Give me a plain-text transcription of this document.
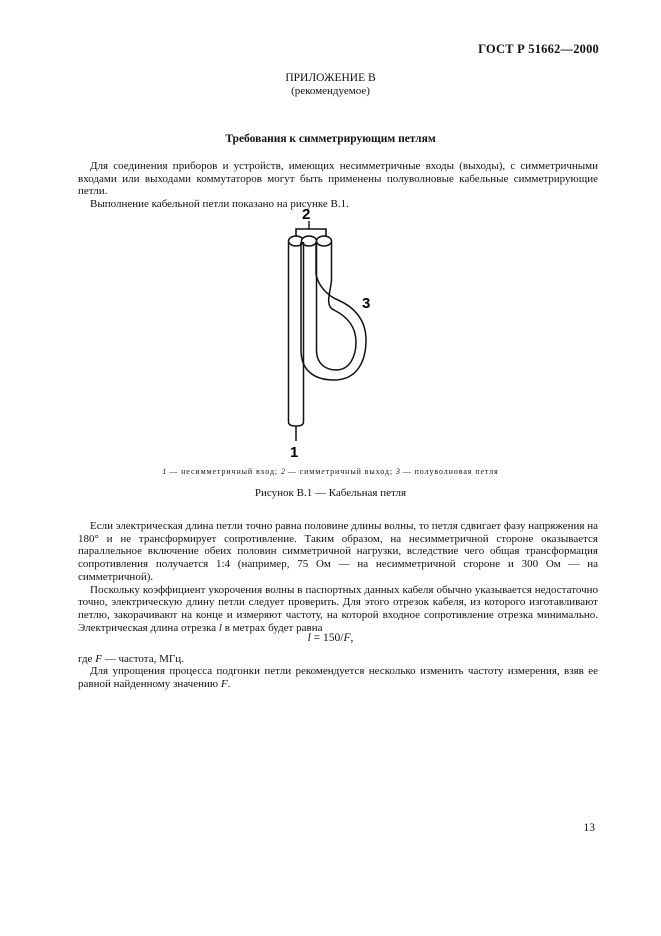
ГОСТ Р 51662—2000
ПРИЛОЖЕНИЕ В
(рекомендуемое)
Требования к симметрирующим петлям

Для соединения приборов и устройств, имеющих несимметричные входы (выходы), с симметричными входами или выходами коммутаторов могут быть применены полуволновые кабельные симметрирующие петли.

Выполнение кабельной петли показано на рисунке В.1.

2
3
1
1 — несимметричный вход; 2 — симметричный выход; 3 — полуволновая петля
Рисунок В.1 — Кабельная петля

Если электрическая длина петли точно равна половине длины волны, то петля сдвигает фазу напряжения на 180° и не трансформирует сопротивление. Таким образом, на несимметричной стороне оказывается параллельное включение обеих половин симметричной нагрузки, вследствие чего общая трансформация сопротивления получается 1:4 (например, 75 Ом — на несимметричной стороне и 300 Ом — на симметричной).

Поскольку коэффициент укорочения волны в паспортных данных кабеля обычно указывается недостаточно точно, электрическую длину петли следует проверить. Для этого отрезок кабеля, из которого изготавливают петлю, закорачивают на конце и измеряют частоту, на которой входное сопротивление отрезка минимально. Электрическая длина отрезка l в метрах будет равна

l = 150/F,
где F — частота, МГц.

Для упрощения процесса подгонки петли рекомендуется несколько изменить частоту измерения, взяв ее равной найденному значению F.

13
